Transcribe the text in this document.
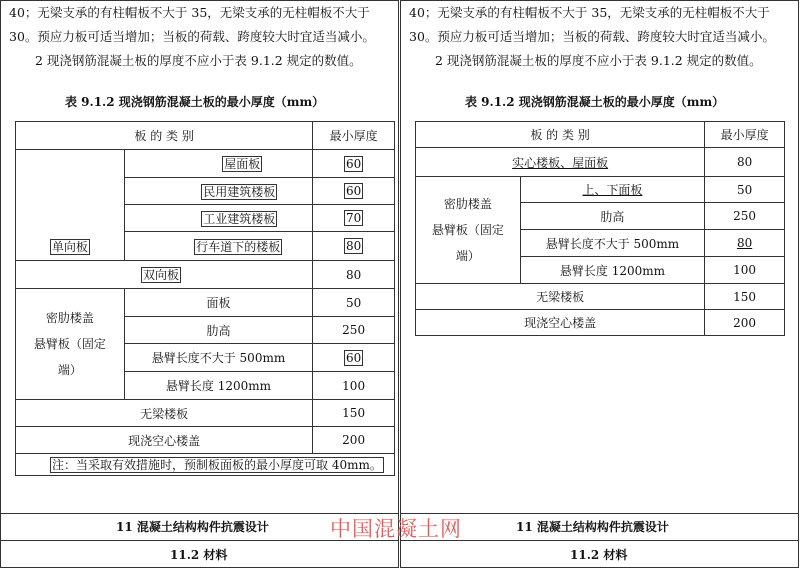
40；无梁支承的有柱帽板不大于 35，无梁支承的无柱帽板不大于
30。预应力板可适当增加；当板的荷载、跨度较大时宜适当减小。
2 现浇钢筋混凝土板的厚度不应小于表 9.1.2 规定的数值。
表 9.1.2 现浇钢筋混凝土板的最小厚度（mm）
板 的 类 别		最小厚度
单向板	屋面板	60
	民用建筑楼板	60
	工业建筑楼板	70
	行车道下的楼板	80
双向板		80

密肋楼盖
悬臂板（固定
端）	面板	50
	肋高	250
	悬臂长度不大于 500mm	60
	悬臂长度 1200mm	100
无梁楼板		150
现浇空心楼盖		200
注：当采取有效措施时，预制板面板的最小厚度可取 40mm。		
11 混凝土结构构件抗震设计
11.2 材料
40；无梁支承的有柱帽板不大于 35，无梁支承的无柱帽板不大于
30。预应力板可适当增加；当板的荷载、跨度较大时宜适当减小。
2 现浇钢筋混凝土板的厚度不应小于表 9.1.2 规定的数值。
表 9.1.2 现浇钢筋混凝土板的最小厚度（mm）
板 的 类 别		最小厚度
实心楼板、屋面板		80

密肋楼盖
悬臂板（固定
端）	上、下面板	50
	肋高	250
	悬臂长度不大于 500mm	80
	悬臂长度 1200mm	100
无梁楼板		150
现浇空心楼盖		200
11 混凝土结构构件抗震设计
11.2 材料
中国混凝土网
